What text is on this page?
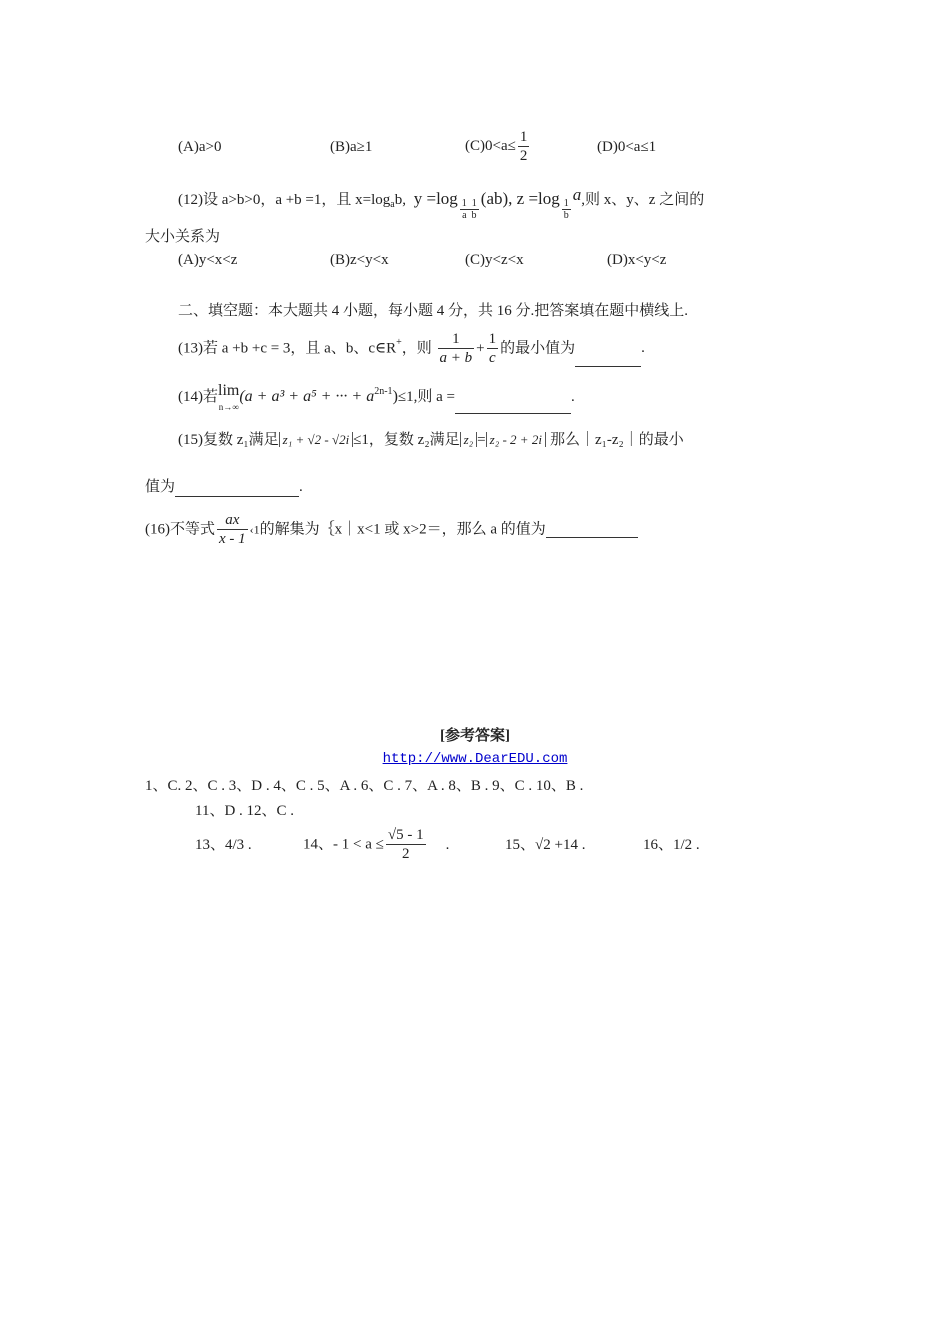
(A)a>0	(B)a≥1	$(C)0<a\le \frac{1}{2}$	(D)0<a≤1
(12)设 a>b>0，a +b =1，且 $x=\log_ab$, $y =\log \frac{1 1}{\text{a  b}} (ab)$, $z =\log \frac{1}{b}$
a,则 x、y、z 之间的
大小关系为
(A)y<x<z	(B)z<y<x	(C)y<z<x	(D)x<y<z
二、填空题：本大题共 4 小题，每小题 4 分，共 16 分.把答案填在题中横线上.
(13)若 a +b +c = 3，且 a、b、c∈R+，则 $\frac{1}{a + b} + \frac{1}{c}$ 的最小值为	.
(14)若 lim
n→∞
(a + a³ + a⁵ + ··· + $a^{2n-1})\le 1$,则 a =	.
(15)复数 z₁满足 z₁ + √2 - √2i ≤1，复数 z₂满足 z₂ = z₂ - 2 + 2i 那么｜z₁-z₂｜的最小
值为	.
(16)不等式 $\frac{ax}{x - 1}$ ‹1的解集为｛x｜x<1 或 x>2＝，那么 a 的值为
[参考答案]
http://www.DearEDU.com
1、C. 2、C . 3、D . 4、C . 5、A . 6、C . 7、A . 8、B . 9、C . 10、B .
11、D . 12、C .
13、4/3 .	14、- $1 < a \le \frac{√5 - 1}{2}$ .	15、√2 +14 .	16、1/2 .
